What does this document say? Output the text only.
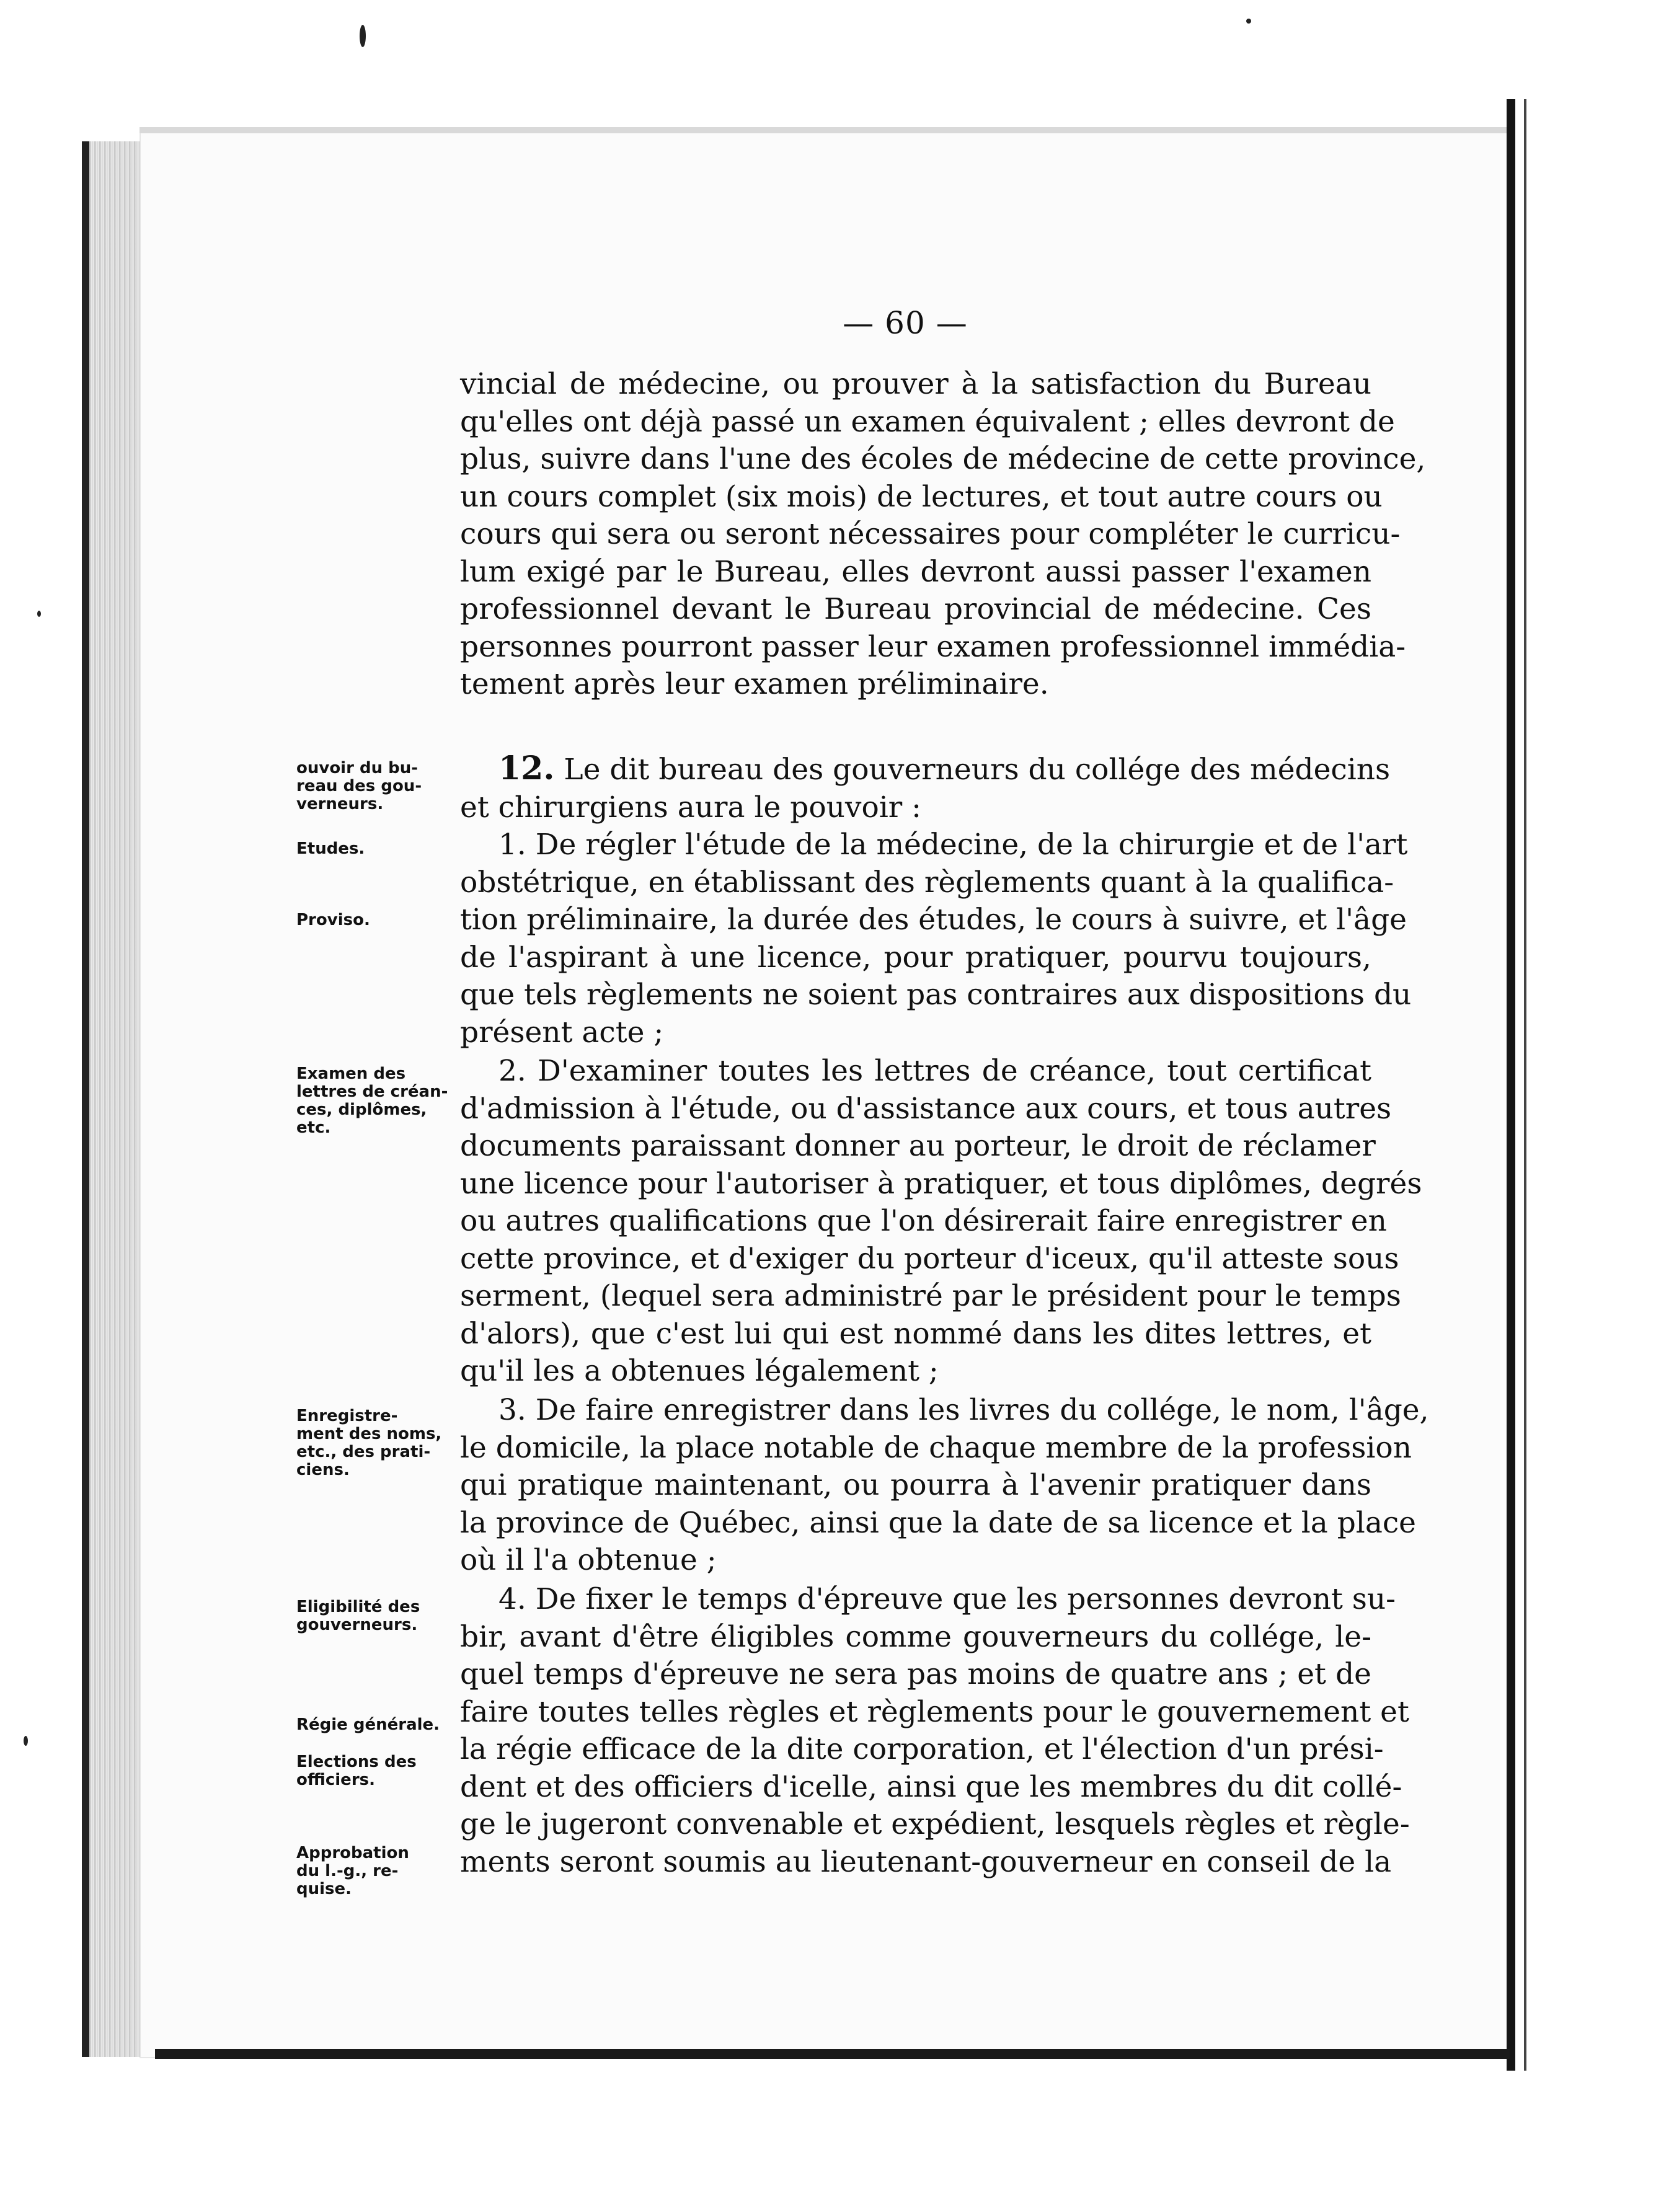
— 60 —
vincial de médecine, ou prouver à la satisfaction du Bureau
qu'elles ont déjà passé un examen équivalent ; elles devront de
plus, suivre dans l'une des écoles de médecine de cette province,
un cours complet (six mois) de lectures, et tout autre cours ou
cours qui sera ou seront nécessaires pour compléter le curricu-
lum exigé par le Bureau, elles devront aussi passer l'examen
professionnel devant le Bureau provincial de médecine. Ces
personnes pourront passer leur examen professionnel immédia-
tement après leur examen préliminaire.
12. Le dit bureau des gouverneurs du collége des médecins
et chirurgiens aura le pouvoir :
1. De régler l'étude de la médecine, de la chirurgie et de l'art
obstétrique, en établissant des règlements quant à la qualifica-
tion préliminaire, la durée des études, le cours à suivre, et l'âge
de l'aspirant à une licence, pour pratiquer, pourvu toujours,
que tels règlements ne soient pas contraires aux dispositions du
présent acte ;
2. D'examiner toutes les lettres de créance, tout certificat
d'admission à l'étude, ou d'assistance aux cours, et tous autres
documents paraissant donner au porteur, le droit de réclamer
une licence pour l'autoriser à pratiquer, et tous diplômes, degrés
ou autres qualifications que l'on désirerait faire enregistrer en
cette province, et d'exiger du porteur d'iceux, qu'il atteste sous
serment, (lequel sera administré par le président pour le temps
d'alors), que c'est lui qui est nommé dans les dites lettres, et
qu'il les a obtenues légalement ;
3. De faire enregistrer dans les livres du collége, le nom, l'âge,
le domicile, la place notable de chaque membre de la profession
qui pratique maintenant, ou pourra à l'avenir pratiquer dans
la province de Québec, ainsi que la date de sa licence et la place
où il l'a obtenue ;
4. De fixer le temps d'épreuve que les personnes devront su-
bir, avant d'être éligibles comme gouverneurs du collége, le-
quel temps d'épreuve ne sera pas moins de quatre ans ; et de
faire toutes telles règles et règlements pour le gouvernement et
la régie efficace de la dite corporation, et l'élection d'un prési-
dent et des officiers d'icelle, ainsi que les membres du dit collé-
ge le jugeront convenable et expédient, lesquels règles et règle-
ments seront soumis au lieutenant-gouverneur en conseil de la
ouvoir du bu-
reau des gou-
verneurs.
Etudes.
Proviso.
Examen des
lettres de créan-
ces, diplômes,
etc.
Enregistre-
ment des noms,
etc., des prati-
ciens.
Eligibilité des
gouverneurs.
Régie générale.
Elections des
officiers.
Approbation
du l.-g., re-
quise.
